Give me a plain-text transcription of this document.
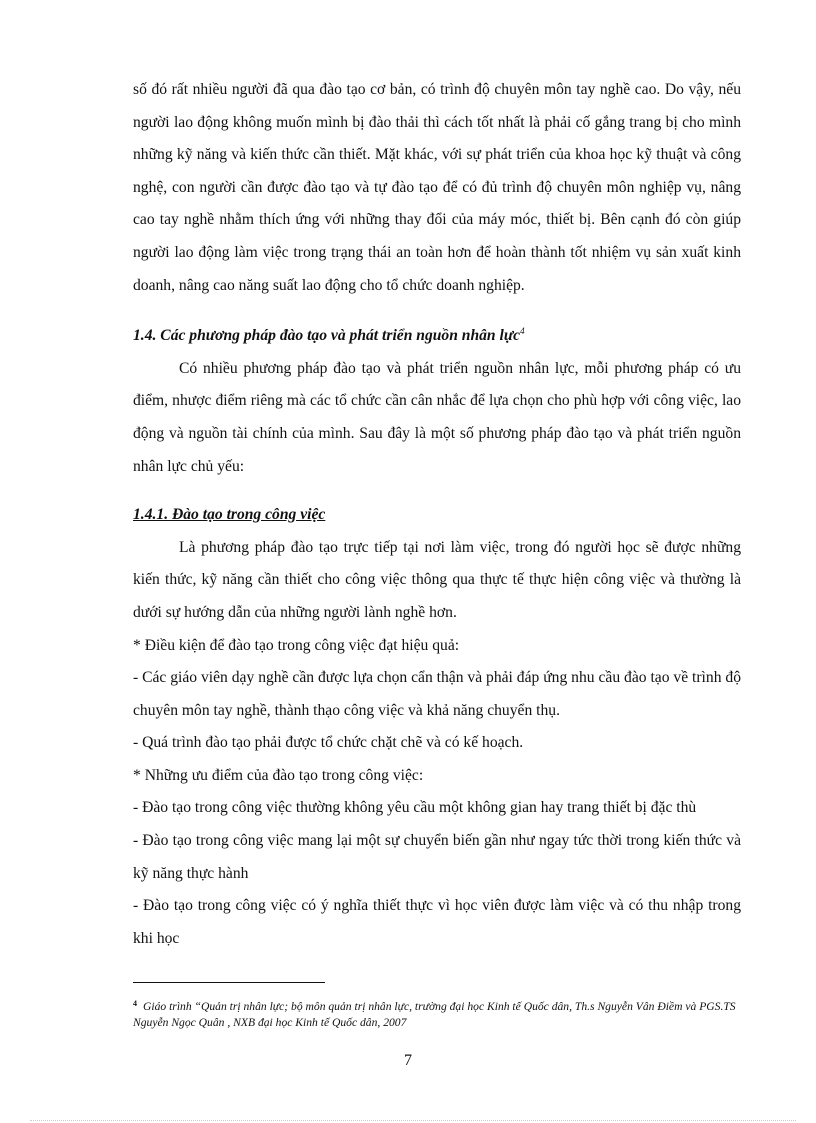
số đó rất nhiều người đã qua đào tạo cơ bản, có trình độ chuyên môn tay nghề cao. Do vậy, nếu người lao động không muốn mình bị đào thải thì cách tốt nhất là phải cố gắng trang bị cho mình những kỹ năng và kiến thức cần thiết. Mặt khác, với sự phát triển của khoa học kỹ thuật và công nghệ, con người cần được đào tạo và tự đào tạo để có đủ trình độ chuyên môn nghiệp vụ, nâng cao tay nghề nhằm thích ứng với những thay đổi của máy móc, thiết bị. Bên cạnh đó còn giúp người lao động làm việc trong trạng thái an toàn hơn để hoàn thành tốt nhiệm vụ sản xuất kinh doanh, nâng cao năng suất lao động cho tổ chức doanh nghiệp.

1.4. Các phương pháp đào tạo và phát triển nguồn nhân lực$^4$

Có nhiều phương pháp đào tạo và phát triển nguồn nhân lực, mỗi phương pháp có ưu điểm, nhược điểm riêng mà các tổ chức cần cân nhắc để lựa chọn cho phù hợp với công việc, lao động và nguồn tài chính của mình. Sau đây là một số phương pháp đào tạo và phát triển nguồn nhân lực chủ yếu:

1.4.1. Đào tạo trong công việc

Là phương pháp đào tạo trực tiếp tại nơi làm việc, trong đó người học sẽ được những kiến thức, kỹ năng cần thiết cho công việc thông qua thực tế thực hiện công việc và thường là dưới sự hướng dẫn của những người lành nghề hơn.

* Điều kiện để đào tạo trong công việc đạt hiệu quả:

- Các giáo viên dạy nghề cần được lựa chọn cẩn thận và phải đáp ứng nhu cầu đào tạo về trình độ chuyên môn tay nghề, thành thạo công việc và khả năng chuyển thụ.

- Quá trình đào tạo phải được tổ chức chặt chẽ và có kế hoạch.

* Những ưu điểm của đào tạo trong công việc:

- Đào tạo trong công việc thường không yêu cầu một không gian hay trang thiết bị đặc thù

- Đào tạo trong công việc mang lại một sự chuyển biến gần như ngay tức thời trong kiến thức và kỹ năng thực hành

- Đào tạo trong công việc có ý nghĩa thiết thực vì học viên được làm việc và có thu nhập trong khi học

$^4$ Giáo trình “Quản trị nhân lực; bộ môn quản trị nhân lực, trường đại học Kinh tế Quốc dân, Th.s Nguyễn Vân Điềm và PGS.TS Nguyễn Ngọc Quân , NXB đại học Kinh tế Quốc dân, 2007
7
